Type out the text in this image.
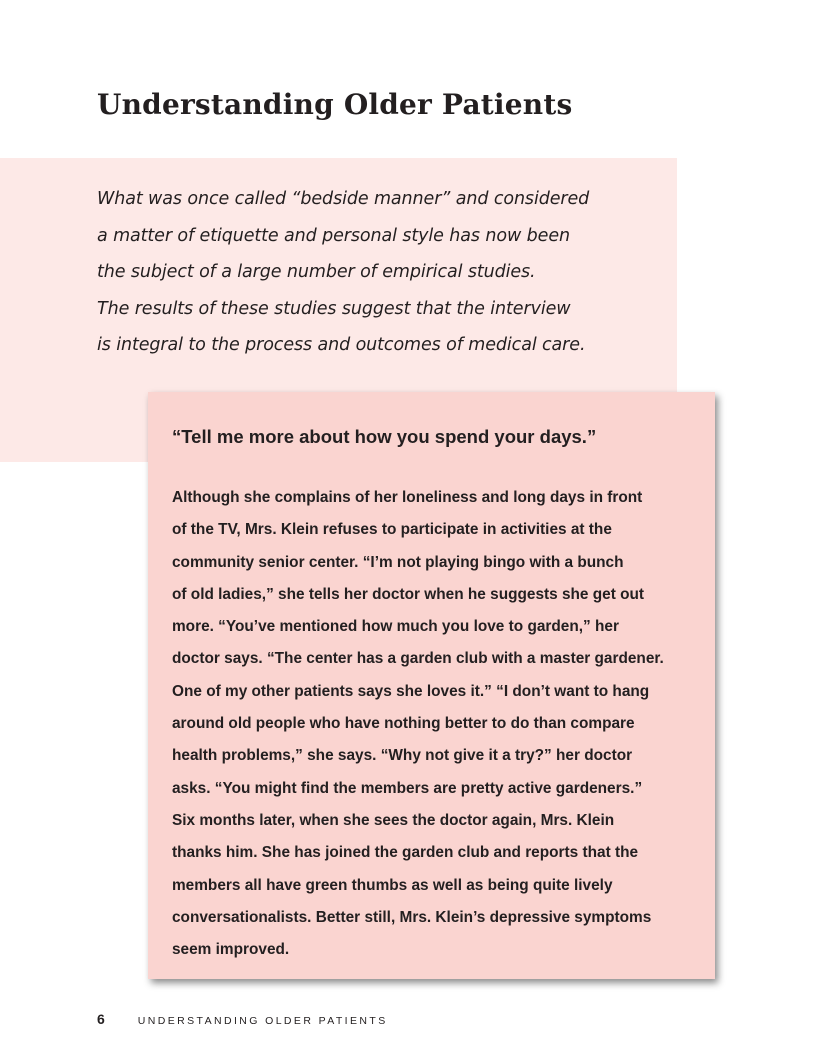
Understanding Older Patients
What was once called “bedside manner” and considered
a matter of etiquette and personal style has now been
the subject of a large number of empirical studies.
The results of these studies suggest that the interview
is integral to the process and outcomes of medical care.
“Tell me more about how you spend your days.”
Although she complains of her loneliness and long days in front
of the TV, Mrs. Klein refuses to participate in activities at the
community senior center. “I’m not playing bingo with a bunch
of old ladies,” she tells her doctor when he suggests she get out
more. “You’ve mentioned how much you love to garden,” her
doctor says. “The center has a garden club with a master gardener.
One of my other patients says she loves it.” “I don’t want to hang
around old people who have nothing better to do than compare
health problems,” she says. “Why not give it a try?” her doctor
asks. “You might find the members are pretty active gardeners.”
Six months later, when she sees the doctor again, Mrs. Klein
thanks him. She has joined the garden club and reports that the
members all have green thumbs as well as being quite lively
conversationalists. Better still, Mrs. Klein’s depressive symptoms
seem improved.
6	UNDERSTANDING OLDER PATIENTS
